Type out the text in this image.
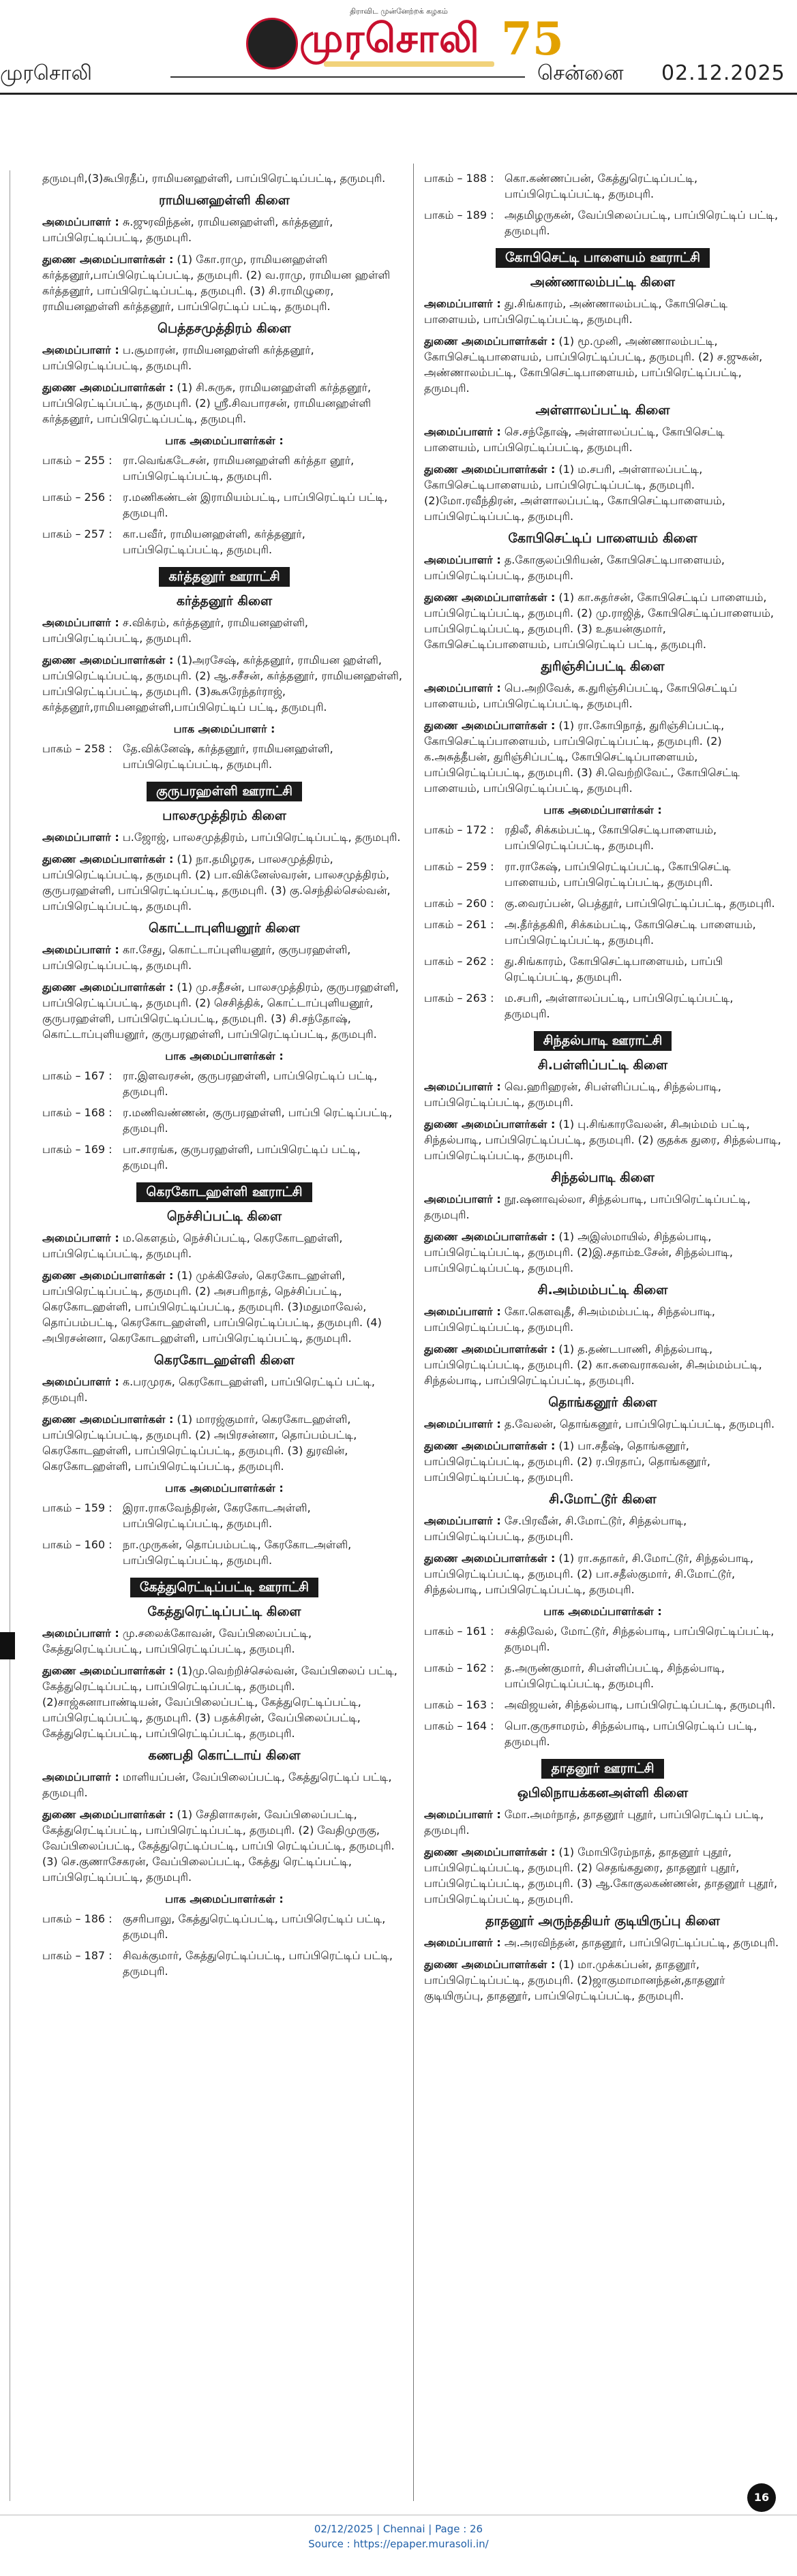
திராவிட முன்னேற்றக் கழகம்
முரசொலி 75
முரசொலி	சென்னை 02.12.2025

தருமபுரி,(3)கூபிரதீப், ராமியனஹள்ளி, பாப்பிரெட்டிப்பட்டி, தருமபுரி.

ராமியனஹள்ளி கிளை

அமைப்பாளர் : சு.ஜுரவிந்தன், ராமியனஹள்ளி, கர்த்தனூர், பாப்பிரெட்டிப்பட்டி, தருமபுரி.

துணை அமைப்பாளர்கள் : (1) கோ.ராமு, ராமியனஹள்ளி கர்த்தனூர்,பாப்பிரெட்டிப்பட்டி, தருமபுரி. (2) வ.ராமு, ராமியன ஹள்ளி கர்த்தனூர், பாப்பிரெட்டிப்பட்டி, தருமபுரி. (3) சி.ராமிழுரை, ராமியனஹள்ளி கர்த்தனூர், பாப்பிரெட்டிப் பட்டி, தருமபுரி.

பெத்தசமுத்திரம் கிளை

அமைப்பாளர் : ப.சூமாரன், ராமியனஹள்ளி கர்த்தனூர், பாப்பிரெட்டிப்பட்டி, தருமபுரி.

துணை அமைப்பாளர்கள் : (1) சி.சுருசு, ராமியனஹள்ளி கர்த்தனூர், பாப்பிரெட்டிப்பட்டி, தருமபுரி. (2) ஸ்ரீ.சிவபாரசன், ராமியனஹள்ளி கர்த்தனூர், பாப்பிரெட்டிப்பட்டி, தருமபுரி.

பாக அமைப்பாளர்கள் :
பாகம் – 255 : ரா.வெங்கடேசன், ராமியனஹள்ளி கர்த்தா னூர், பாப்பிரெட்டிப்பட்டி, தருமபுரி.
பாகம் – 256 : ர.மணிகண்டன் இராமியம்பட்டி, பாப்பிரெட்டிப் பட்டி, தருமபுரி.
பாகம் – 257 : கா.பவீர், ராமியனஹள்ளி, கர்த்தனூர், பாப்பிரெட்டிப்பட்டி, தருமபுரி.
கர்த்தனூர் ஊராட்சி
கர்த்தனூர் கிளை

அமைப்பாளர் : ச.விக்ரம், கர்த்தனூர், ராமியனஹள்ளி, பாப்பிரெட்டிப்பட்டி, தருமபுரி.

துணை அமைப்பாளர்கள் : (1)அரசேஷ், கர்த்தனூர், ராமியன ஹள்ளி, பாப்பிரெட்டிப்பட்டி, தருமபுரி. (2) ஆ.சசீசன், கர்த்தனூர், ராமியனஹள்ளி, பாப்பிரெட்டிப்பட்டி, தருமபுரி. (3)கூசுரேந்தர்ராஜ், கர்த்தனூர்,ராமியனஹள்ளி,பாப்பிரெட்டிப் பட்டி, தருமபுரி.

பாக அமைப்பாளர் :
பாகம் – 258 : தே.விக்னேஷ், கர்த்தனூர், ராமியனஹள்ளி, பாப்பிரெட்டிப்பட்டி, தருமபுரி.
குருபரஹள்ளி ஊராட்சி
பாலசமுத்திரம் கிளை

அமைப்பாளர் : ப.ஜோஜ், பாலசமுத்திரம், பாப்பிரெட்டிப்பட்டி, தருமபுரி.

துணை அமைப்பாளர்கள் : (1) நா.தமிழரசு, பாலசமுத்திரம், பாப்பிரெட்டிப்பட்டி, தருமபுரி. (2) பா.விக்னேஸ்வரன், பாலசமுத்திரம், குருபரஹள்ளி, பாப்பிரெட்டிப்பட்டி, தருமபுரி. (3) கு.செந்தில்செல்வன், பாப்பிரெட்டிப்பட்டி, தருமபுரி.

கொட்டாபுளியனூர் கிளை

அமைப்பாளர் : கா.சேது, கொட்டாப்புளியனூர், குருபரஹள்ளி, பாப்பிரெட்டிப்பட்டி, தருமபுரி.

துணை அமைப்பாளர்கள் : (1) மு.சதீசன், பாலசமுத்திரம், குருபரஹள்ளி, பாப்பிரெட்டிப்பட்டி, தருமபுரி. (2) செசித்திக், கொட்டாப்புளியனூர், குருபரஹள்ளி, பாப்பிரெட்டிப்பட்டி, தருமபுரி. (3) சி.சந்தோஷ், கொட்டாப்புளியனூர், குருபரஹள்ளி, பாப்பிரெட்டிப்பட்டி, தருமபுரி.

பாக அமைப்பாளர்கள் :
பாகம் – 167 : ரா.இளவரசன், குருபரஹள்ளி, பாப்பிரெட்டிப் பட்டி, தருமபுரி.
பாகம் – 168 : ர.மணிவண்ணன், குருபரஹள்ளி, பாப்பி ரெட்டிப்பட்டி, தருமபுரி.
பாகம் – 169 : பா.சாரங்க, குருபரஹள்ளி, பாப்பிரெட்டிப் பட்டி, தருமபுரி.
கெரகோடஹள்ளி ஊராட்சி
நெச்சிப்பட்டி கிளை

அமைப்பாளர் : ம.கௌதம், நெச்சிப்பட்டி, கெரகோடஹள்ளி, பாப்பிரெட்டிப்பட்டி, தருமபுரி.

துணை அமைப்பாளர்கள் : (1) முக்கிசேஸ், கெரகோடஹள்ளி, பாப்பிரெட்டிப்பட்டி, தருமபுரி. (2) அசபரிநாத், நெச்சிப்பட்டி, கெரகோடஹள்ளி, பாப்பிரெட்டிப்பட்டி, தருமபுரி. (3)மதுமாவேல், தொப்பம்பட்டி, கெரகோடஹள்ளி, பாப்பிரெட்டிப்பட்டி, தருமபுரி. (4) அபிரசன்னா, கெரகோடஹள்ளி, பாப்பிரெட்டிப்பட்டி, தருமபுரி.

கெரகோடஹள்ளி கிளை

அமைப்பாளர் : க.பரமுரசு, கெரகோடஹள்ளி, பாப்பிரெட்டிப் பட்டி, தருமபுரி.

துணை அமைப்பாளர்கள் : (1) மாரஜ்குமார், கெரகோடஹள்ளி, பாப்பிரெட்டிப்பட்டி, தருமபுரி. (2) அபிரசன்னா, தொப்பம்பட்டி, கெரகோடஹள்ளி, பாப்பிரெட்டிப்பட்டி, தருமபுரி. (3) துரவின், கெரகோடஹள்ளி, பாப்பிரெட்டிப்பட்டி, தருமபுரி.

பாக அமைப்பாளர்கள் :
பாகம் – 159 : இரா.ராகவேந்திரன், கேரகோடஅள்ளி, பாப்பிரெட்டிப்பட்டி, தருமபுரி.
பாகம் – 160 : நா.முருகன், தொப்பம்பட்டி, கேரகோடஅள்ளி, பாப்பிரெட்டிப்பட்டி, தருமபுரி.
கேத்துரெட்டிப்பட்டி ஊராட்சி
கேத்துரெட்டிப்பட்டி கிளை

அமைப்பாளர் : மு.சலைக்கோவன், வேப்பிலைப்பட்டி, கேத்துரெட்டிப்பட்டி, பாப்பிரெட்டிப்பட்டி, தருமபுரி.

துணை அமைப்பாளர்கள் : (1)மு.வெற்றிச்செல்வன், வேப்பிலைப் பட்டி, கேத்துரெட்டிப்பட்டி, பாப்பிரெட்டிப்பட்டி, தருமபுரி. (2)சாஜ்சுனாபாண்டியன், வேப்பிலைப்பட்டி, கேத்துரெட்டிப்பட்டி, பாப்பிரெட்டிப்பட்டி, தருமபுரி. (3) பதக்சிரன், வேப்பிலைப்பட்டி, கேத்துரெட்டிப்பட்டி, பாப்பிரெட்டிப்பட்டி, தருமபுரி.

கணபதி கொட்டாய் கிளை

அமைப்பாளர் : மாளியப்பன், வேப்பிலைப்பட்டி, கேத்துரெட்டிப் பட்டி, தருமபுரி.

துணை அமைப்பாளர்கள் : (1) சேதிளாசுரன், வேப்பிலைப்பட்டி, கேத்துரெட்டிப்பட்டி, பாப்பிரெட்டிப்பட்டி, தருமபுரி. (2) வேதிமுருகு, வேப்பிலைப்பட்டி, கேத்துரெட்டிப்பட்டி, பாப்பி ரெட்டிப்பட்டி, தருமபுரி. (3) செ.குணாசேகரன், வேப்பிலைப்பட்டி, கேத்து ரெட்டிப்பட்டி, பாப்பிரெட்டிப்பட்டி, தருமபுரி.

பாக அமைப்பாளர்கள் :
பாகம் – 186 : குசரிபாலு, கேத்துரெட்டிப்பட்டி, பாப்பிரெட்டிப் பட்டி, தருமபுரி.
பாகம் – 187 : சிவக்குமார், கேத்துரெட்டிப்பட்டி, பாப்பிரெட்டிப் பட்டி, தருமபுரி.
பாகம் – 188 : கொ.கண்ணப்பன், கேத்துரெட்டிப்பட்டி, பாப்பிரெட்டிப்பட்டி, தருமபுரி.
பாகம் – 189 : அதமிழருகன், வேப்பிலைப்பட்டி, பாப்பிரெட்டிப் பட்டி, தருமபுரி.
கோபிசெட்டி பாளையம் ஊராட்சி
அண்ணாலம்பட்டி கிளை

அமைப்பாளர் : து.சிங்காரம், அண்ணாலம்பட்டி, கோபிசெட்டி பாளையம், பாப்பிரெட்டிப்பட்டி, தருமபுரி.

துணை அமைப்பாளர்கள் : (1) மூ.முனி, அண்ணாலம்பட்டி, கோபிசெட்டிபாளையம், பாப்பிரெட்டிப்பட்டி, தருமபுரி. (2) ச.ஜுகன், அண்ணாலம்பட்டி, கோபிசெட்டிபாளையம், பாப்பிரெட்டிப்பட்டி, தருமபுரி.

அள்ளாலப்பட்டி கிளை

அமைப்பாளர் : செ.சந்தோஷ், அள்ளாலப்பட்டி, கோபிசெட்டி பாளையம், பாப்பிரெட்டிப்பட்டி, தருமபுரி.

துணை அமைப்பாளர்கள் : (1) ம.சபரி, அள்ளாலப்பட்டி, கோபிசெட்டிபாளையம், பாப்பிரெட்டிப்பட்டி, தருமபுரி. (2)மோ.ரவீந்திரன், அள்ளாலப்பட்டி, கோபிசெட்டிபாளையம், பாப்பிரெட்டிப்பட்டி, தருமபுரி.

கோபிசெட்டிப் பாளையம் கிளை

அமைப்பாளர் : த.கோகுலப்பிரியன், கோபிசெட்டிபாளையம், பாப்பிரெட்டிப்பட்டி, தருமபுரி.

துணை அமைப்பாளர்கள் : (1) கா.சுதர்சன், கோபிசெட்டிப் பாளையம், பாப்பிரெட்டிப்பட்டி, தருமபுரி. (2) மு.ராஜித், கோபிசெட்டிப்பாளையம், பாப்பிரெட்டிப்பட்டி, தருமபுரி. (3) உதயன்குமார், கோபிசெட்டிப்பாளையம், பாப்பிரெட்டிப் பட்டி, தருமபுரி.

துரிஞ்சிப்பட்டி கிளை

அமைப்பாளர் : பெ.அறிவேக், க.துரிஞ்சிப்பட்டி, கோபிசெட்டிப் பாளையம், பாப்பிரெட்டிப்பட்டி, தருமபுரி.

துணை அமைப்பாளர்கள் : (1) ரா.கோபிநாத், துரிஞ்சிப்பட்டி, கோபிசெட்டிப்பாளையம், பாப்பிரெட்டிப்பட்டி, தருமபுரி. (2) க.அசுத்தீபன், துரிஞ்சிப்பட்டி, கோபிசெட்டிப்பாளையம், பாப்பிரெட்டிப்பட்டி, தருமபுரி. (3) சி.வெற்றிவேட், கோபிசெட்டி பாளையம், பாப்பிரெட்டிப்பட்டி, தருமபுரி.

பாக அமைப்பாளர்கள் :
பாகம் – 172 : ரதிலீ, சிக்கம்பட்டி, கோபிசெட்டிபாளையம், பாப்பிரெட்டிப்பட்டி, தருமபுரி.
பாகம் – 259 : ரா.ராகேஷ், பாப்பிரெட்டிப்பட்டி, கோபிசெட்டி பாளையம், பாப்பிரெட்டிப்பட்டி, தருமபுரி.
பாகம் – 260 : கு.வைரப்பன், பெத்தூர், பாப்பிரெட்டிப்பட்டி, தருமபுரி.
பாகம் – 261 : அ.தீர்த்தகிரி, சிக்கம்பட்டி, கோபிசெட்டி பாளையம், பாப்பிரெட்டிப்பட்டி, தருமபுரி.
பாகம் – 262 : து.சிங்காரம், கோபிசெட்டிபாளையம், பாப்பி ரெட்டிப்பட்டி, தருமபுரி.
பாகம் – 263 : ம.சபரி, அள்ளாலப்பட்டி, பாப்பிரெட்டிப்பட்டி, தருமபுரி.
சிந்தல்பாடி ஊராட்சி
சி.பள்ளிப்பட்டி கிளை

அமைப்பாளர் : வெ.ஹரிஹரன், சிபள்ளிப்பட்டி, சிந்தல்பாடி, பாப்பிரெட்டிப்பட்டி, தருமபுரி.

துணை அமைப்பாளர்கள் : (1) பு.சிங்காரவேலன், சிஅம்மம் பட்டி, சிந்தல்பாடி, பாப்பிரெட்டிப்பட்டி, தருமபுரி. (2) குதக்க துரை, சிந்தல்பாடி, பாப்பிரெட்டிப்பட்டி, தருமபுரி.

சிந்தல்பாடி கிளை

அமைப்பாளர் : நூ.ஷனாவுல்லா, சிந்தல்பாடி, பாப்பிரெட்டிப்பட்டி, தருமபுரி.

துணை அமைப்பாளர்கள் : (1) அஇஸ்மாயில், சிந்தல்பாடி, பாப்பிரெட்டிப்பட்டி, தருமபுரி. (2)இ.சதாம்உசேன், சிந்தல்பாடி, பாப்பிரெட்டிப்பட்டி, தருமபுரி.

சி.அம்மம்பட்டி கிளை

அமைப்பாளர் : கோ.கௌவுதீ, சிஅம்மம்பட்டி, சிந்தல்பாடி, பாப்பிரெட்டிப்பட்டி, தருமபுரி.

துணை அமைப்பாளர்கள் : (1) த.தண்டபாணி, சிந்தல்பாடி, பாப்பிரெட்டிப்பட்டி, தருமபுரி. (2) கா.சுவைராகவன், சிஅம்மம்பட்டி, சிந்தல்பாடி, பாப்பிரெட்டிப்பட்டி, தருமபுரி.

தொங்கனூர் கிளை

அமைப்பாளர் : த.வேலன், தொங்கனூர், பாப்பிரெட்டிப்பட்டி, தருமபுரி.

துணை அமைப்பாளர்கள் : (1) பா.சதீஷ், தொங்கனூர், பாப்பிரெட்டிப்பட்டி, தருமபுரி. (2) ர.பிரதாப், தொங்கனூர், பாப்பிரெட்டிப்பட்டி, தருமபுரி.

சி.மோட்டூர் கிளை

அமைப்பாளர் : சே.பிரவீன், சி.மோட்டூர், சிந்தல்பாடி, பாப்பிரெட்டிப்பட்டி, தருமபுரி.

துணை அமைப்பாளர்கள் : (1) ரா.சுதாகர், சி.மோட்டூர், சிந்தல்பாடி, பாப்பிரெட்டிப்பட்டி, தருமபுரி. (2) பா.சதீஸ்குமார், சி.மோட்டூர், சிந்தல்பாடி, பாப்பிரெட்டிப்பட்டி, தருமபுரி.

பாக அமைப்பாளர்கள் :
பாகம் – 161 : சக்திவேல், மோட்டூர், சிந்தல்பாடி, பாப்பிரெட்டிப்பட்டி, தருமபுரி.
பாகம் – 162 : த.அருண்குமார், சிபள்ளிப்பட்டி, சிந்தல்பாடி, பாப்பிரெட்டிப்பட்டி, தருமபுரி.
பாகம் – 163 : அவிஜயன், சிந்தல்பாடி, பாப்பிரெட்டிப்பட்டி, தருமபுரி.
பாகம் – 164 : பொ.குருசாமரம், சிந்தல்பாடி, பாப்பிரெட்டிப் பட்டி, தருமபுரி.
தாதனூர் ஊராட்சி
ஒபிலிநாயக்கனஅள்ளி கிளை

அமைப்பாளர் : மோ.அமர்நாத், தாதனூர் புதூர், பாப்பிரெட்டிப் பட்டி, தருமபுரி.

துணை அமைப்பாளர்கள் : (1) மோபிரேம்நாத், தாதனூர் புதூர், பாப்பிரெட்டிப்பட்டி, தருமபுரி. (2) செதங்கதுரை, தாதனூர் புதூர், பாப்பிரெட்டிப்பட்டி, தருமபுரி. (3) ஆ.கோகுலகண்ணன், தாதனூர் புதூர், பாப்பிரெட்டிப்பட்டி, தருமபுரி.

தாதனூர் அருந்ததியர் குடியிருப்பு கிளை

அமைப்பாளர் : அ.அரவிந்தன், தாதனூர், பாப்பிரெட்டிப்பட்டி, தருமபுரி.

துணை அமைப்பாளர்கள் : (1) மா.முக்கப்பன், தாதனூர், பாப்பிரெட்டிப்பட்டி, தருமபுரி. (2)ஜாகுமாமானந்தன்,தாதனூர் குடியிருப்பு, தாதனூர், பாப்பிரெட்டிப்பட்டி, தருமபுரி.

16
02/12/2025 | Chennai | Page : 26
Source : https://epaper.murasoli.in/
